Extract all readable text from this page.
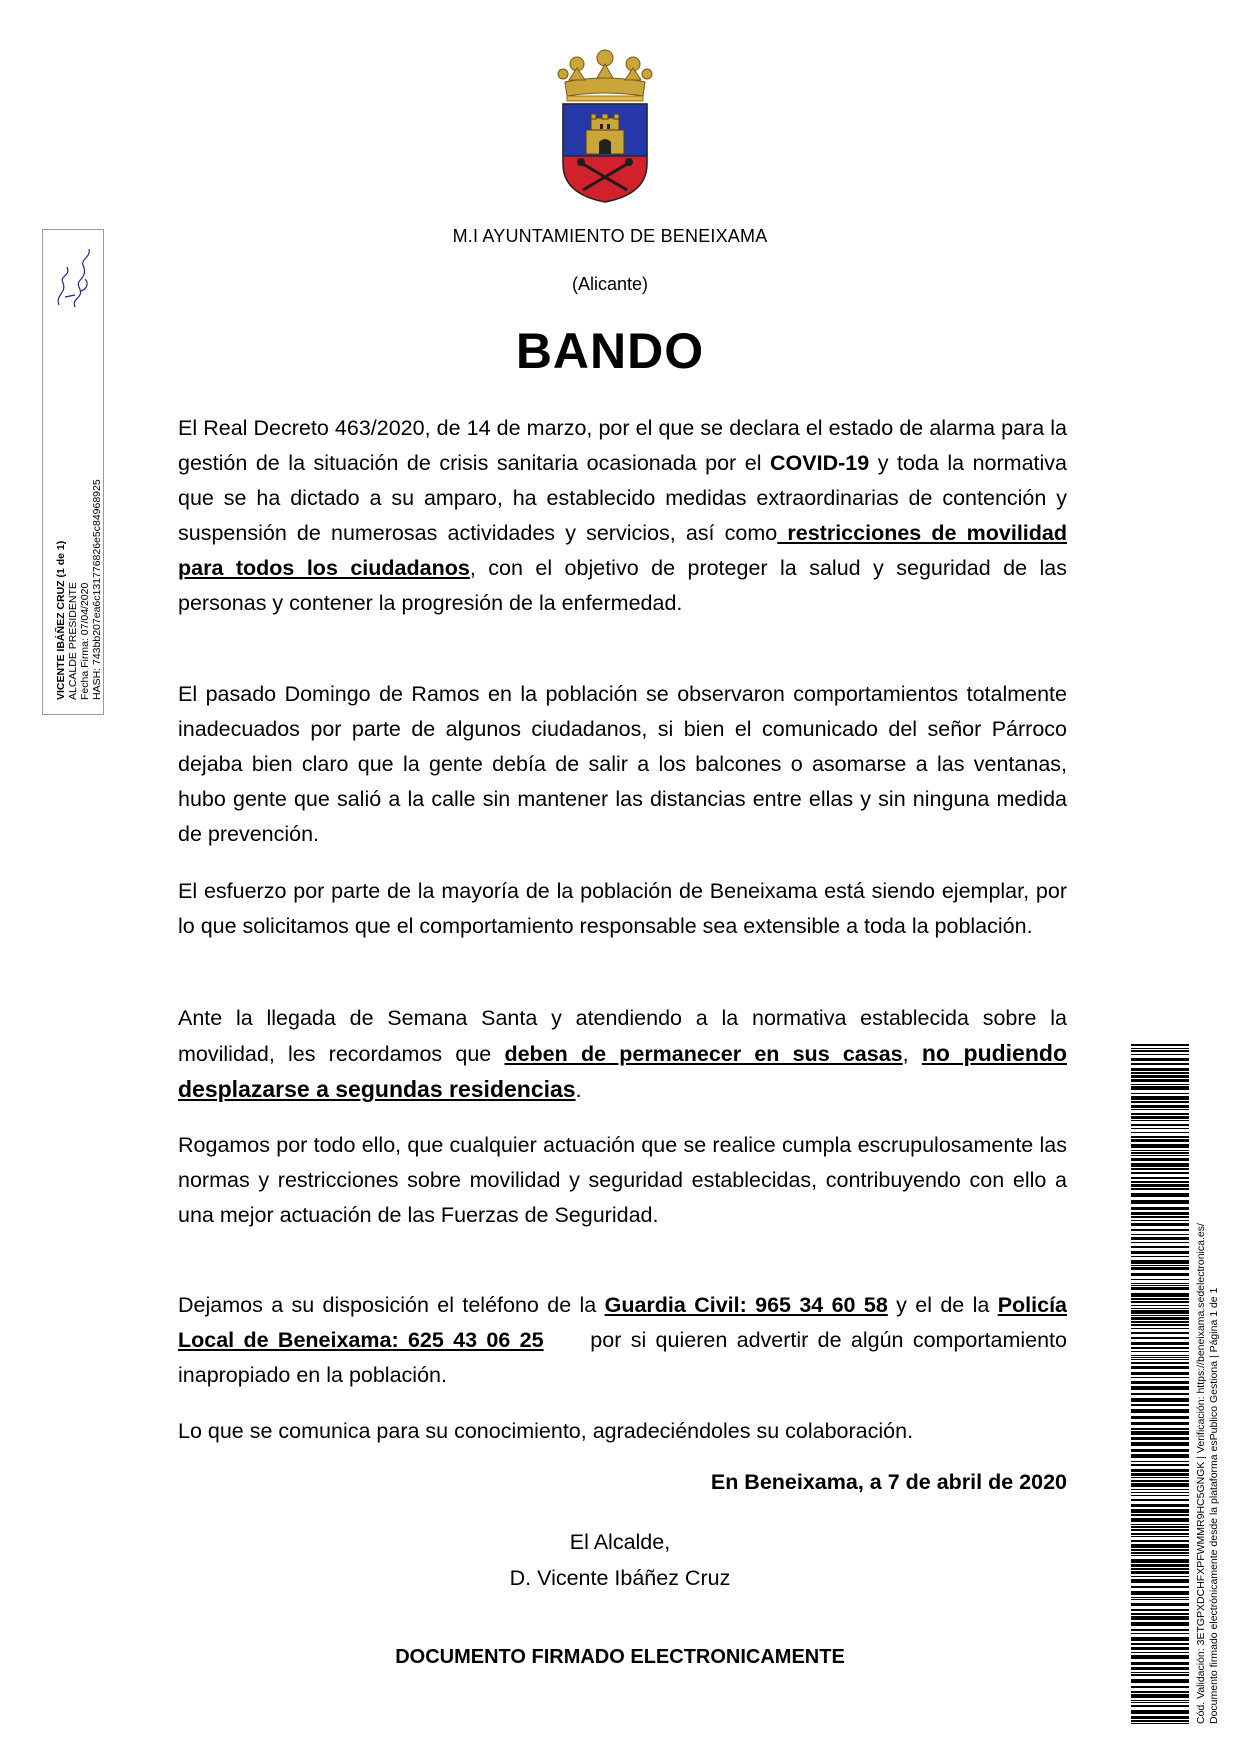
M.I AYUNTAMIENTO DE BENEIXAMA
(Alicante)
BANDO
El Real Decreto 463/2020, de 14 de marzo, por el que se declara el estado de alarma para la gestión de la situación de crisis sanitaria ocasionada por el COVID-19 y toda la normativa que se ha dictado a su amparo, ha establecido medidas extraordinarias de contención y suspensión de numerosas actividades y servicios, así como restricciones de movilidad para todos los ciudadanos, con el objetivo de proteger la salud y seguridad de las personas y contener la progresión de la enfermedad.
El pasado Domingo de Ramos en la población se observaron comportamientos totalmente inadecuados por parte de algunos ciudadanos, si bien el comunicado del señor Párroco dejaba bien claro que la gente debía de salir a los balcones o asomarse a las ventanas, hubo gente que salió a la calle sin mantener las distancias entre ellas y sin ninguna medida de prevención.
El esfuerzo por parte de la mayoría de la población de Beneixama está siendo ejemplar, por lo que solicitamos que el comportamiento responsable sea extensible a toda la población.
Ante la llegada de Semana Santa y atendiendo a la normativa establecida sobre la movilidad, les recordamos que deben de permanecer en sus casas, no pudiendo desplazarse a segundas residencias.
Rogamos por todo ello, que cualquier actuación que se realice cumpla escrupulosamente las normas y restricciones sobre movilidad y seguridad establecidas, contribuyendo con ello a una mejor actuación de las Fuerzas de Seguridad.
Dejamos a su disposición el teléfono de la Guardia Civil: 965 34 60 58 y el de la Policía Local de Beneixama: 625 43 06 25     por si quieren advertir de algún comportamiento inapropiado en la población.
Lo que se comunica para su conocimiento, agradeciéndoles su colaboración.
En Beneixama, a 7 de abril de 2020
El Alcalde,
D. Vicente Ibáñez Cruz
DOCUMENTO FIRMADO ELECTRONICAMENTE
VICENTE IBÁÑEZ CRUZ (1 de 1) ALCALDE PRESIDENTE Fecha Firma: 07/04/2020 HASH: 743bb207ea6c131776826e5c84968925
Cód. Validación: 3ETGPXDCHFXPFWMMR9HC5GNGK | Verificación: https://beneixama.sedelectronica.es/ Documento firmado electrónicamente desde la plataforma esPublico Gestiona | Página 1 de 1
